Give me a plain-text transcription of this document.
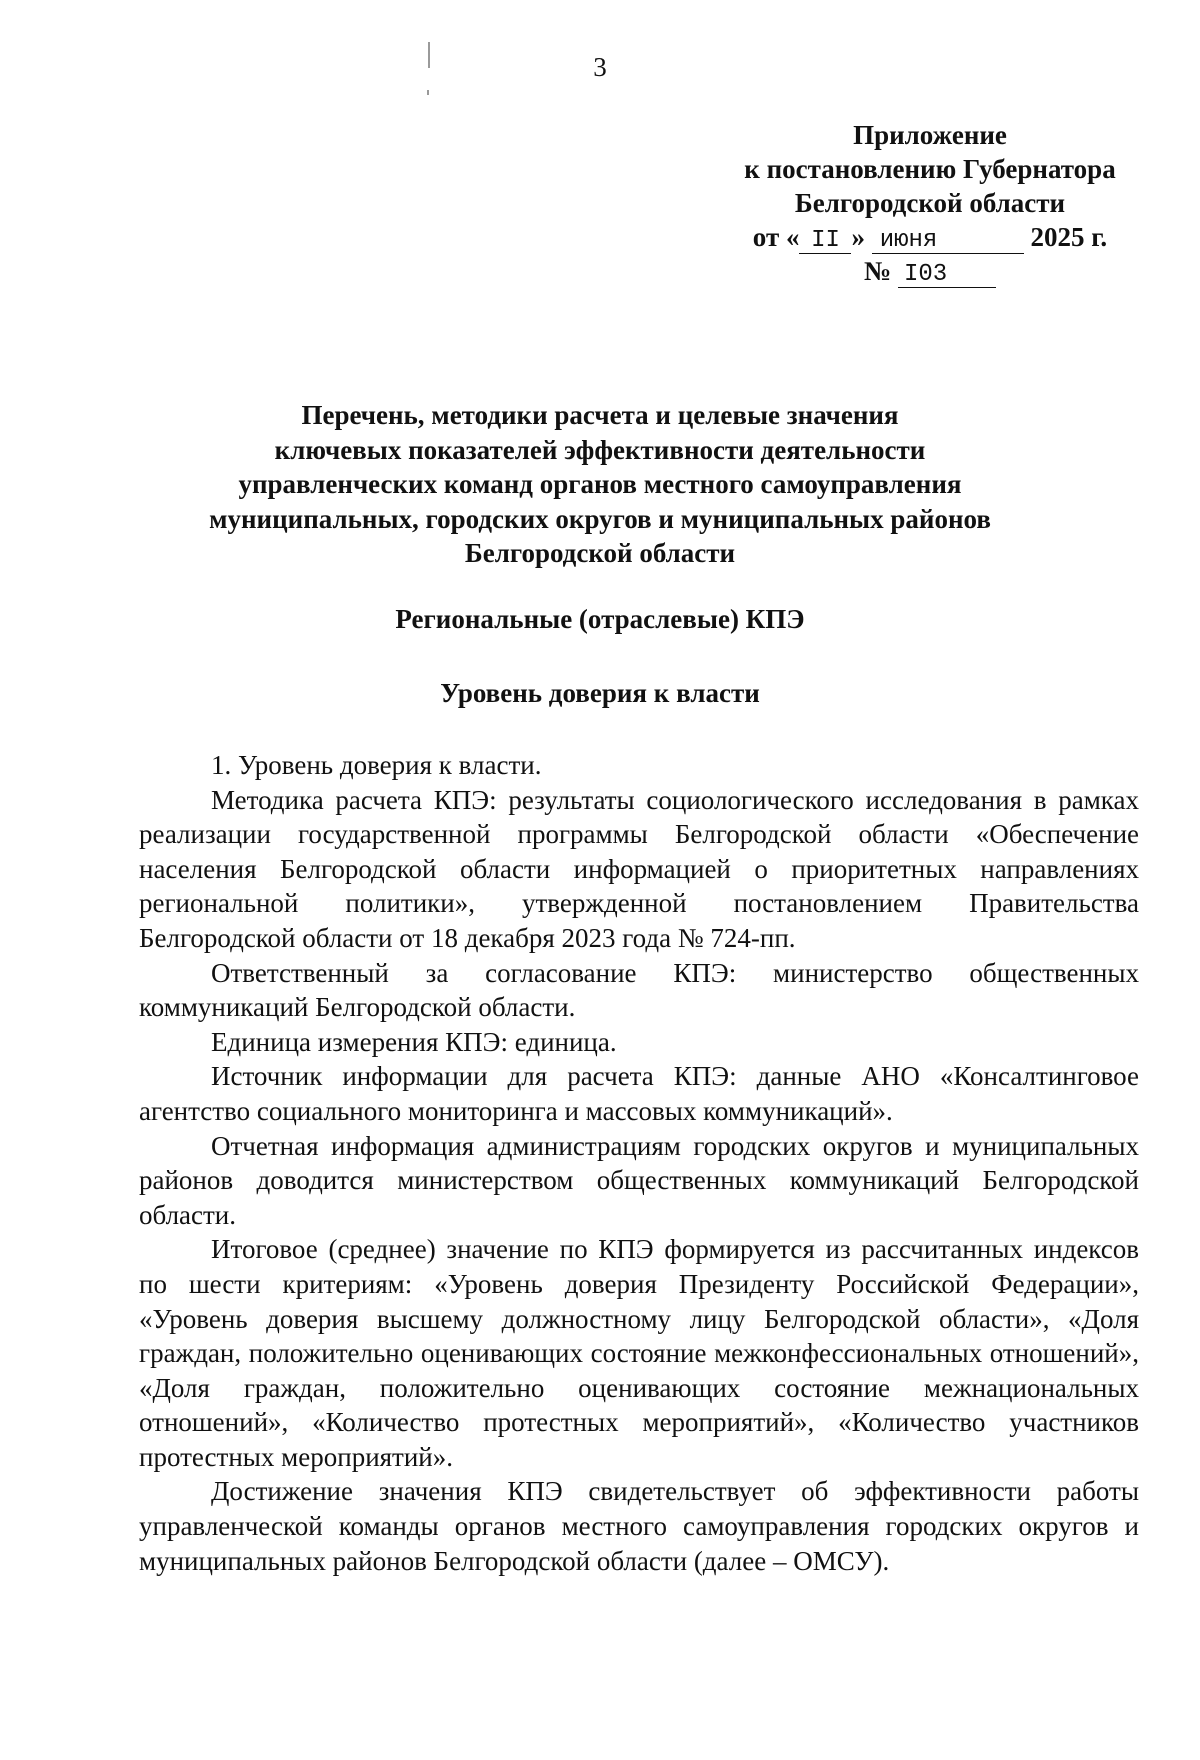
3
Приложение
к постановлению Губернатора
Белгородской области
от « II » июня	2025 г.
№ I03
Перечень, методики расчета и целевые значения
ключевых показателей эффективности деятельности
управленческих команд органов местного самоуправления
муниципальных, городских округов и муниципальных районов
Белгородской области
Региональные (отраслевые) КПЭ
Уровень доверия к власти

1. Уровень доверия к власти.

Методика расчета КПЭ: результаты социологического исследования в рамках реализации государственной программы Белгородской области «Обеспечение населения Белгородской области информацией о приоритетных направлениях региональной политики», утвержденной постановлением Правительства Белгородской области от 18 декабря 2023 года № 724-пп.

Ответственный за согласование КПЭ: министерство общественных коммуникаций Белгородской области.

Единица измерения КПЭ: единица.

Источник информации для расчета КПЭ: данные АНО «Консалтинговое агентство социального мониторинга и массовых коммуникаций».

Отчетная информация администрациям городских округов и муниципальных районов доводится министерством общественных коммуникаций Белгородской области.

Итоговое (среднее) значение по КПЭ формируется из рассчитанных индексов по шести критериям: «Уровень доверия Президенту Российской Федерации», «Уровень доверия высшему должностному лицу Белгородской области», «Доля граждан, положительно оценивающих состояние межконфессиональных отношений», «Доля граждан, положительно оценивающих состояние межнациональных отношений», «Количество протестных мероприятий», «Количество участников протестных мероприятий».

Достижение значения КПЭ свидетельствует об эффективности работы управленческой команды органов местного самоуправления городских округов и муниципальных районов Белгородской области (далее – ОМСУ).
